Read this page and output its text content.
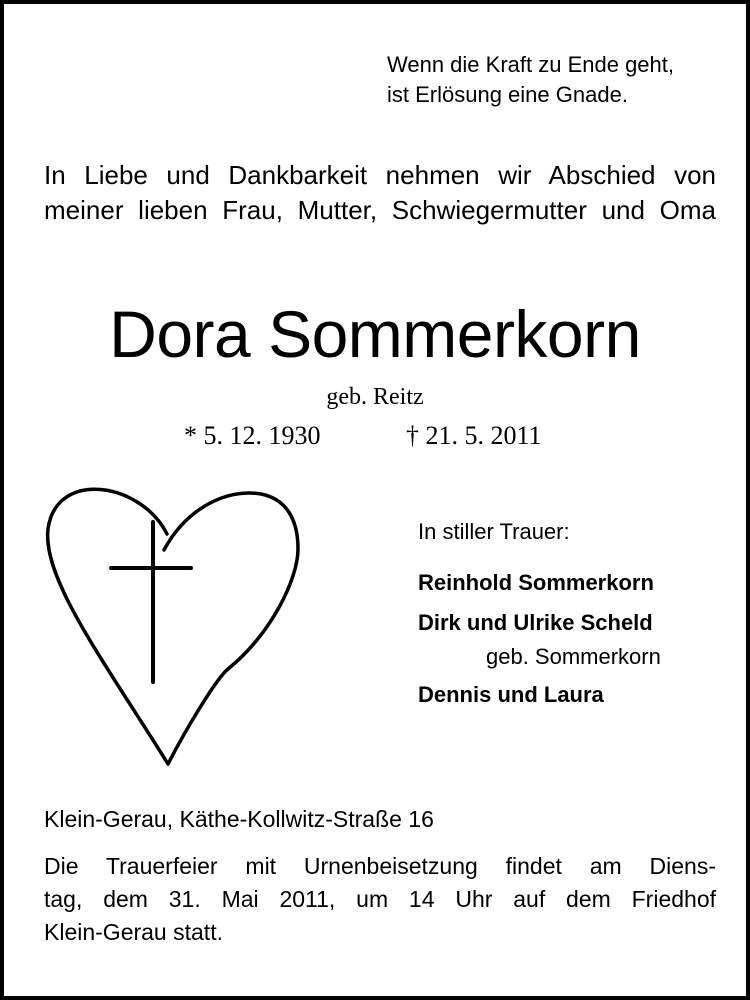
Wenn die Kraft zu Ende geht,
ist Erlösung eine Gnade.
In Liebe und Dankbarkeit nehmen wir Abschied von
meiner lieben Frau, Mutter, Schwiegermutter und Oma
Dora Sommerkorn
geb. Reitz
* 5. 12. 1930	† 21. 5. 2011
In stiller Trauer:
Reinhold Sommerkorn
Dirk und Ulrike Scheld
geb. Sommerkorn
Dennis und Laura
Klein-Gerau, Käthe-Kollwitz-Straße 16
Die Trauerfeier mit Urnenbeisetzung findet am Diens-
tag, dem 31. Mai 2011, um 14 Uhr auf dem Friedhof
Klein-Gerau statt.
